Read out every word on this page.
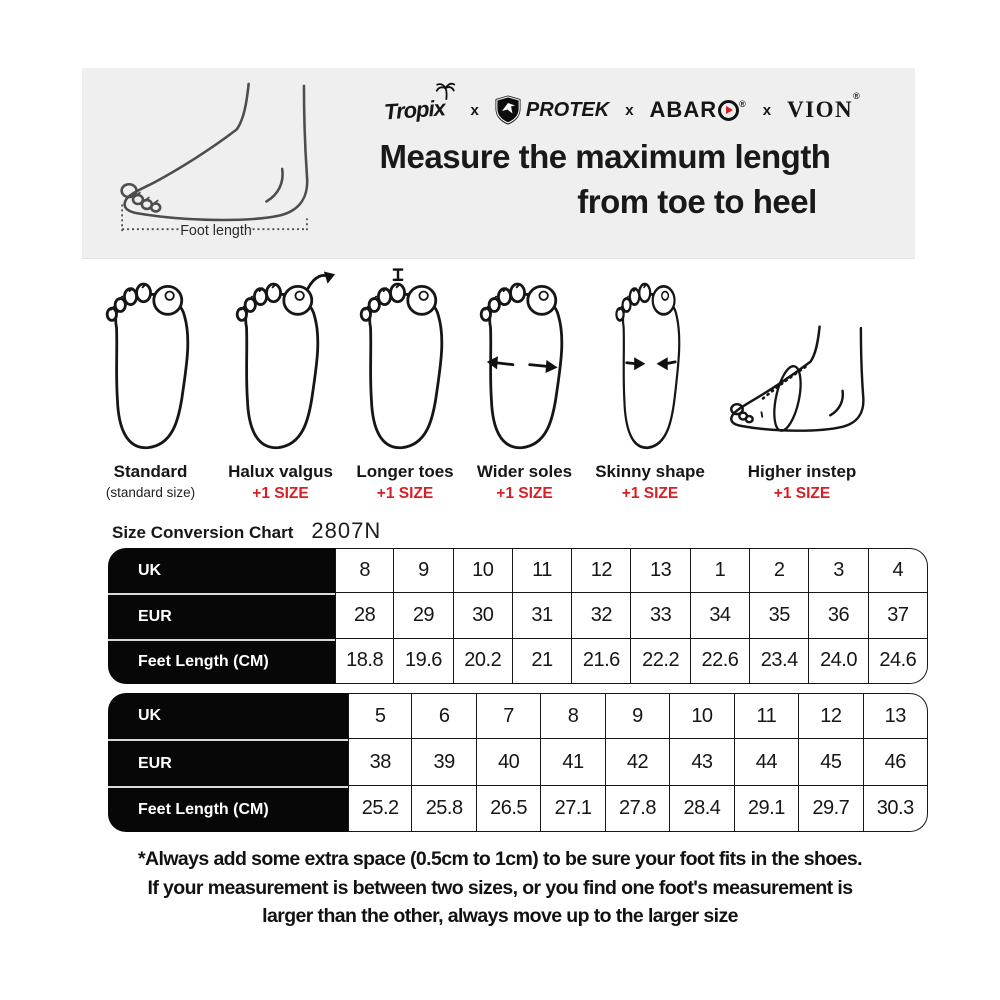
Foot length
Tropix	x PROTEK x ABAR ® x VION®
Measure the maximum length
from toe to heel
Standard
(standard size)
Halux valgus
+1 SIZE
Longer toes
+1 SIZE
Wider soles
+1 SIZE
Skinny shape
+1 SIZE
Higher instep
+1 SIZE
Size Conversion Chart 2807N
UK	8	9	10	11	12	13	1	2	3	4
EUR	28	29	30	31	32	33	34	35	36	37
Feet Length (CM)	18.8	19.6	20.2	21	21.6	22.2	22.6	23.4	24.0	24.6
UK	5	6	7	8	9	10	11	12	13
EUR	38	39	40	41	42	43	44	45	46
Feet Length (CM)	25.2	25.8	26.5	27.1	27.8	28.4	29.1	29.7	30.3
*Always add some extra space (0.5cm to 1cm) to be sure your foot fits in the shoes.
If your measurement is between two sizes, or you find one foot's measurement is
larger than the other, always move up to the larger size
